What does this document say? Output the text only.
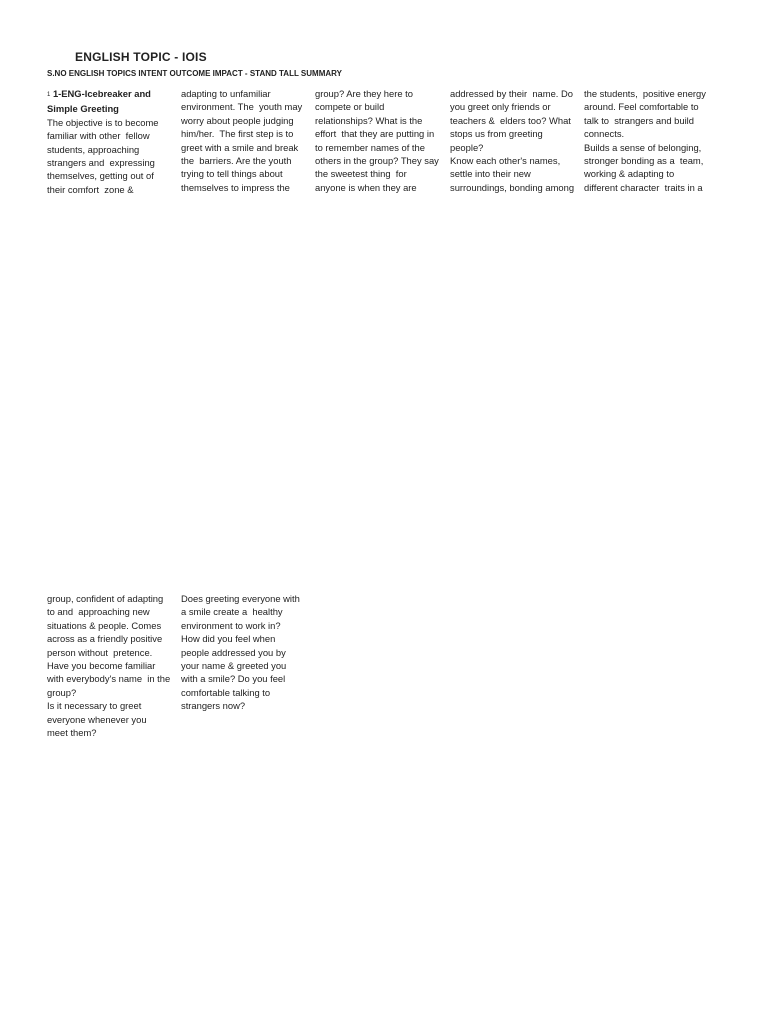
ENGLISH TOPIC - IOIS
S.NO ENGLISH TOPICS INTENT OUTCOME IMPACT - STAND TALL SUMMARY
1 1-ENG-Icebreaker and
Simple Greeting
The objective is to become
familiar with other  fellow
students, approaching
strangers and  expressing
themselves, getting out of
their comfort  zone &
adapting to unfamiliar
environment. The  youth may
worry about people judging
him/her.  The first step is to
greet with a smile and break
the  barriers. Are the youth
trying to tell things about
themselves to impress the
group? Are they here to
compete or build
relationships? What is the
effort  that they are putting in
to remember names of the
others in the group? They say
the sweetest thing  for
anyone is when they are
addressed by their  name. Do
you greet only friends or
teachers &  elders too? What
stops us from greeting
people?
Know each other's names,
settle into their new
surroundings, bonding among
the students,  positive energy
around. Feel comfortable to
talk to  strangers and build
connects.
Builds a sense of belonging,
stronger bonding as a  team,
working & adapting to
different character  traits in a
group, confident of adapting
to and  approaching new
situations & people. Comes
across as a friendly positive
person without  pretence.
Have you become familiar
with everybody's name  in the
group?
Is it necessary to greet
everyone whenever you
meet them?
Does greeting everyone with
a smile create a  healthy
environment to work in?
How did you feel when
people addressed you by
your name & greeted you
with a smile? Do you feel
comfortable talking to
strangers now?
